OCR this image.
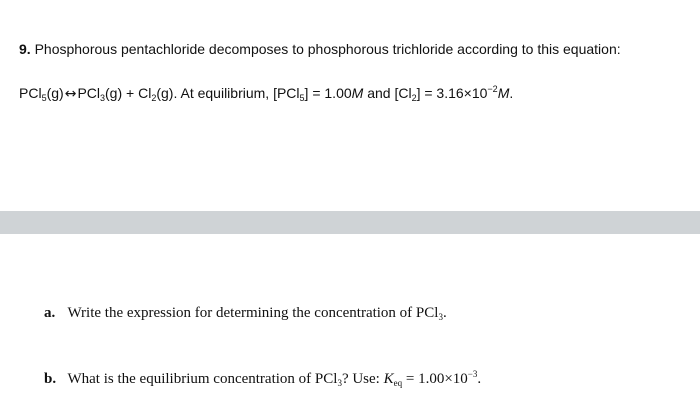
9. Phosphorous pentachloride decomposes to phosphorous trichloride according to this equation:

PCl$_5$(g)↔PCl$_3$(g) + $Cl_2(g)$. At equilibrium, [PCl$_5$] = 1.00M and $[Cl_2] = 3.16\times 10^{-2}M$.

a. Write the expression for determining the concentration of PCl$_3$.
b. What is the equilibrium concentration of PCl$_3$? Use: $K_{eq} = 1.00\times 10^{-3}$.
